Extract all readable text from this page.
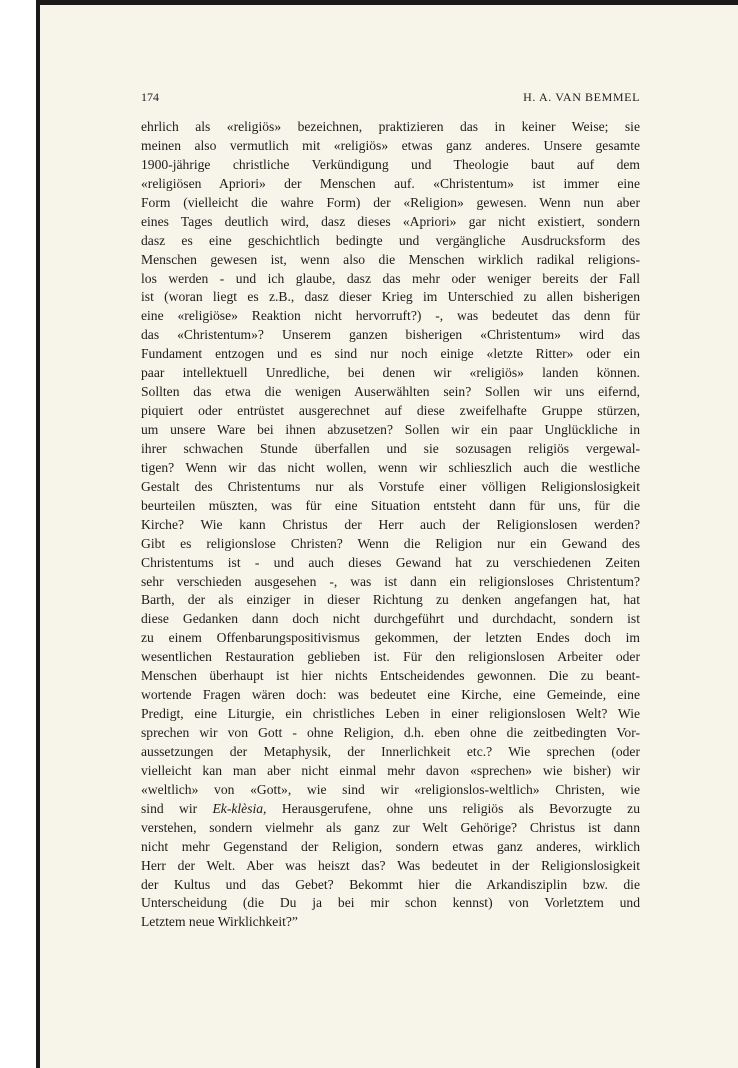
174	H. A. VAN BEMMEL
ehrlich als «religiös» bezeichnen, praktizieren das in keiner Weise; sie
meinen also vermutlich mit «religiös» etwas ganz anderes. Unsere gesamte
1900-jährige christliche Verkündigung und Theologie baut auf dem
«religiösen Apriori» der Menschen auf. «Christentum» ist immer eine
Form (vielleicht die wahre Form) der «Religion» gewesen. Wenn nun aber
eines Tages deutlich wird, dasz dieses «Apriori» gar nicht existiert, sondern
dasz es eine geschichtlich bedingte und vergängliche Ausdrucksform des
Menschen gewesen ist, wenn also die Menschen wirklich radikal religions-
los werden - und ich glaube, dasz das mehr oder weniger bereits der Fall
ist (woran liegt es z.B., dasz dieser Krieg im Unterschied zu allen bisherigen
eine «religiöse» Reaktion nicht hervorruft?) -, was bedeutet das denn für
das «Christentum»? Unserem ganzen bisherigen «Christentum» wird das
Fundament entzogen und es sind nur noch einige «letzte Ritter» oder ein
paar intellektuell Unredliche, bei denen wir «religiös» landen können.
Sollten das etwa die wenigen Auserwählten sein? Sollen wir uns eifernd,
piquiert oder entrüstet ausgerechnet auf diese zweifelhafte Gruppe stürzen,
um unsere Ware bei ihnen abzusetzen? Sollen wir ein paar Unglückliche in
ihrer schwachen Stunde überfallen und sie sozusagen religiös vergewal-
tigen? Wenn wir das nicht wollen, wenn wir schlieszlich auch die westliche
Gestalt des Christentums nur als Vorstufe einer völligen Religionslosigkeit
beurteilen müszten, was für eine Situation entsteht dann für uns, für die
Kirche? Wie kann Christus der Herr auch der Religionslosen werden?
Gibt es religionslose Christen? Wenn die Religion nur ein Gewand des
Christentums ist - und auch dieses Gewand hat zu verschiedenen Zeiten
sehr verschieden ausgesehen -, was ist dann ein religionsloses Christentum?
Barth, der als einziger in dieser Richtung zu denken angefangen hat, hat
diese Gedanken dann doch nicht durchgeführt und durchdacht, sondern ist
zu einem Offenbarungspositivismus gekommen, der letzten Endes doch im
wesentlichen Restauration geblieben ist. Für den religionslosen Arbeiter oder
Menschen überhaupt ist hier nichts Entscheidendes gewonnen. Die zu beant-
wortende Fragen wären doch: was bedeutet eine Kirche, eine Gemeinde, eine
Predigt, eine Liturgie, ein christliches Leben in einer religionslosen Welt? Wie
sprechen wir von Gott - ohne Religion, d.h. eben ohne die zeitbedingten Vor-
aussetzungen der Metaphysik, der Innerlichkeit etc.? Wie sprechen (oder
vielleicht kan man aber nicht einmal mehr davon «sprechen» wie bisher) wir
«weltlich» von «Gott», wie sind wir «religionslos-weltlich» Christen, wie
sind wir Ek-klèsia, Herausgerufene, ohne uns religiös als Bevorzugte zu
verstehen, sondern vielmehr als ganz zur Welt Gehörige? Christus ist dann
nicht mehr Gegenstand der Religion, sondern etwas ganz anderes, wirklich
Herr der Welt. Aber was heiszt das? Was bedeutet in der Religionslosigkeit
der Kultus und das Gebet? Bekommt hier die Arkandisziplin bzw. die
Unterscheidung (die Du ja bei mir schon kennst) von Vorletztem und
Letztem neue Wirklichkeit?”
